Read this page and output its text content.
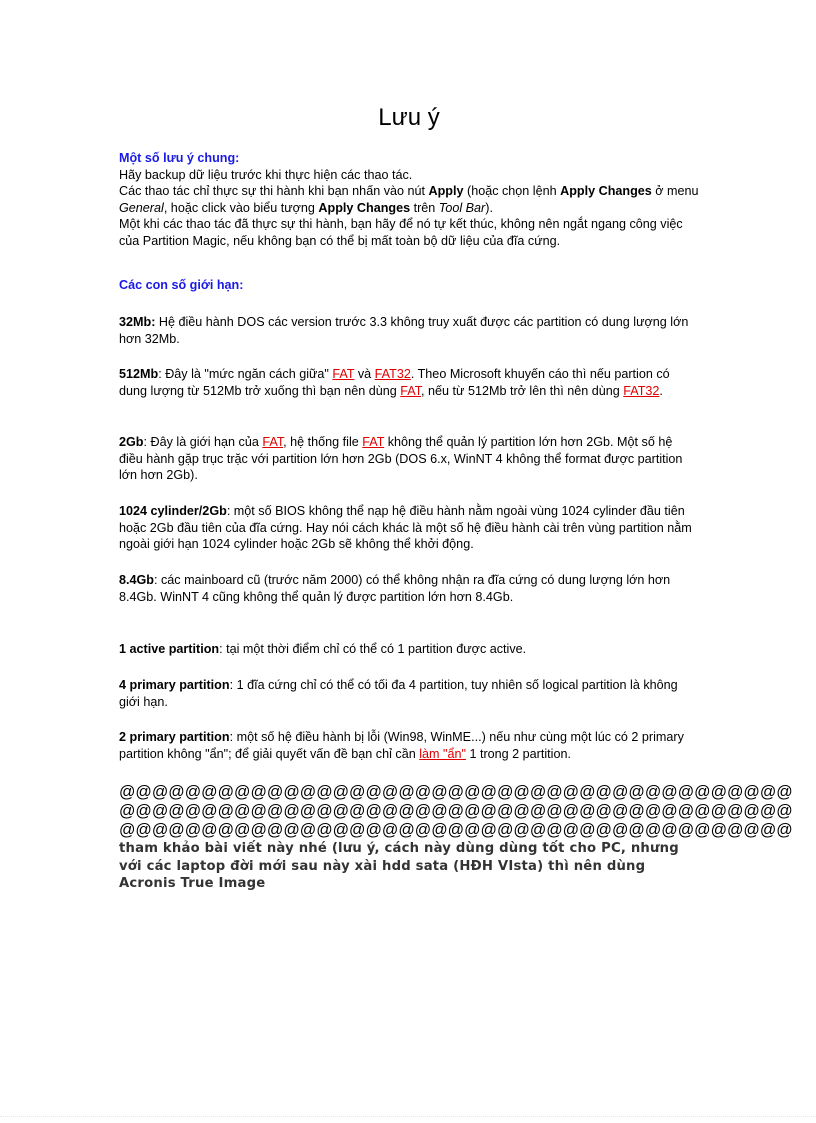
Lưu ý
Một số lưu ý chung:
Hãy backup dữ liệu trước khi thực hiện các thao tác.
Các thao tác chỉ thực sự thi hành khi bạn nhấn vào nút Apply (hoặc chọn lệnh Apply Changes ở menu General, hoặc click vào biểu tượng Apply Changes trên Tool Bar).
Một khi các thao tác đã thực sự thi hành, bạn hãy để nó tự kết thúc, không nên ngắt ngang công việc của Partition Magic, nếu không bạn có thể bị mất toàn bộ dữ liệu của đĩa cứng.
Các con số giới hạn:
32Mb: Hệ điều hành DOS các version trước 3.3 không truy xuất được các partition có dung lượng lớn hơn 32Mb.
512Mb: Đây là "mức ngăn cách giữa" FAT và FAT32. Theo Microsoft khuyến cáo thì nếu partion có dung lượng từ 512Mb trở xuống thì bạn nên dùng FAT, nếu từ 512Mb trở lên thì nên dùng FAT32.
2Gb: Đây là giới hạn của FAT, hệ thống file FAT không thể quản lý partition lớn hơn 2Gb. Một số hệ điều hành gặp trục trặc với partition lớn hơn 2Gb (DOS 6.x, WinNT 4 không thể format được partition lớn hơn 2Gb).
1024 cylinder/2Gb: một số BIOS không thể nạp hệ điều hành nằm ngoài vùng 1024 cylinder đầu tiên hoặc 2Gb đầu tiên của đĩa cứng. Hay nói cách khác là một số hệ điều hành cài trên vùng partition nằm ngoài giới hạn 1024 cylinder hoặc 2Gb sẽ không thể khởi động.
8.4Gb: các mainboard cũ (trước năm 2000) có thể không nhận ra đĩa cứng có dung lượng lớn hơn 8.4Gb. WinNT 4 cũng không thể quản lý được partition lớn hơn 8.4Gb.
1 active partition: tại một thời điểm chỉ có thể có 1 partition được active.
4 primary partition: 1 đĩa cứng chỉ có thể có tối đa 4 partition, tuy nhiên số logical partition là không giới hạn.
2 primary partition: một số hệ điều hành bị lỗi (Win98, WinME...) nếu như cùng một lúc có 2 primary partition không "ẩn"; để giải quyết vấn đề bạn chỉ cần làm "ẩn" 1 trong 2 partition.
@@@@@@@@@@@@@@@@@@@@@@@@@@@@@@@@@@@@@@@@@
@@@@@@@@@@@@@@@@@@@@@@@@@@@@@@@@@@@@@@@@@
@@@@@@@@@@@@@@@@@@@@@@@@@@@@@@@@@@@@@@@@@
tham khảo bài viết này nhé (lưu ý, cách này dùng dùng tốt cho PC, nhưng với các laptop đời mới sau này xài hdd sata (HĐH VIsta) thì nên dùng Acronis True Image
